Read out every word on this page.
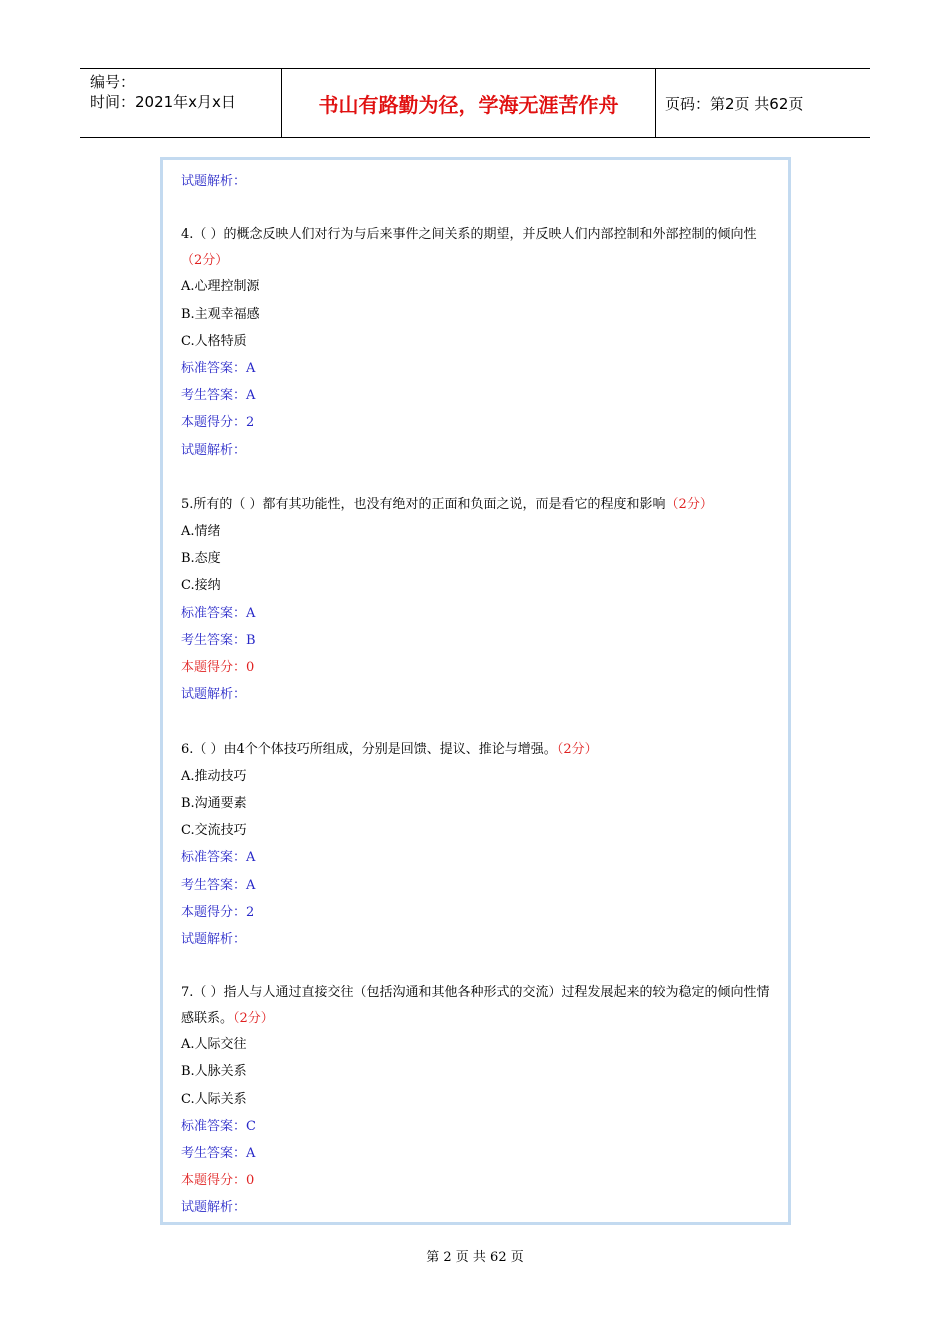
编号：
时间：2021年x月x日	书山有路勤为径，学海无涯苦作舟	页码：第2页 共62页
试题解析：
4.（ ）的概念反映人们对行为与后来事件之间关系的期望，并反映人们内部控制和外部控制的倾向性（2分）
A.心理控制源
B.主观幸福感
C.人格特质
标准答案：A
考生答案：A
本题得分：2
试题解析：
5.所有的（ ）都有其功能性，也没有绝对的正面和负面之说，而是看它的程度和影响（2分）
A.情绪
B.态度
C.接纳
标准答案：A
考生答案：B
本题得分：0
试题解析：
6.（ ）由4个个体技巧所组成，分别是回馈、提议、推论与增强。（2分）
A.推动技巧
B.沟通要素
C.交流技巧
标准答案：A
考生答案：A
本题得分：2
试题解析：
7.（ ）指人与人通过直接交往（包括沟通和其他各种形式的交流）过程发展起来的较为稳定的倾向性情感联系。（2分）
A.人际交往
B.人脉关系
C.人际关系
标准答案：C
考生答案：A
本题得分：0
试题解析：
第 2 页 共 62 页
